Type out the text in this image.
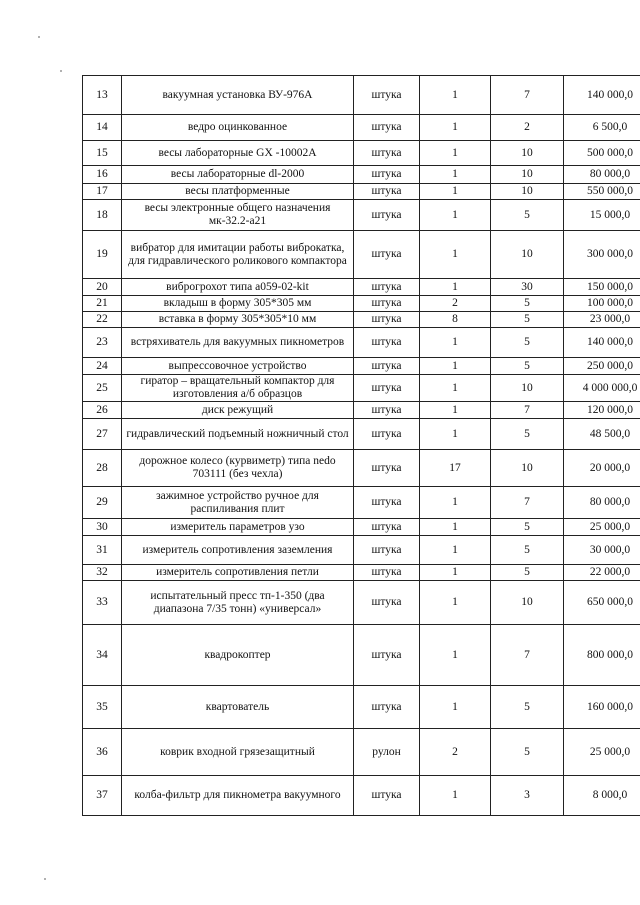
13	вакуумная установка ВУ-976А	штука	1	7	140 000,0
14	ведро оцинкованное	штука	1	2	6 500,0
15	весы лабораторные GX -10002A	штука	1	10	500 000,0
16	весы лабораторные dl-2000	штука	1	10	80 000,0
17	весы платформенные	штука	1	10	550 000,0
18	весы электронные общего назначения мк-32.2-а21	штука	1	5	15 000,0
19	вибратор для имитации работы виброкатка, для гидравлического роликового компактора	штука	1	10	300 000,0
20	виброгрохот типа а059-02-kit	штука	1	30	150 000,0
21	вкладыш в форму 305*305 мм	штука	2	5	100 000,0
22	вставка в форму 305*305*10 мм	штука	8	5	23 000,0
23	встряхиватель для вакуумных пикнометров	штука	1	5	140 000,0
24	выпрессовочное устройство	штука	1	5	250 000,0
25	гиратор – вращательный компактор для изготовления а/б образцов	штука	1	10	4 000 000,0
26	диск режущий	штука	1	7	120 000,0
27	гидравлический подъемный ножничный стол	штука	1	5	48 500,0
28	дорожное колесо (курвиметр) типа nedo 703111 (без чехла)	штука	17	10	20 000,0
29	зажимное устройство ручное для распиливания плит	штука	1	7	80 000,0
30	измеритель параметров узо	штука	1	5	25 000,0
31	измеритель сопротивления заземления	штука	1	5	30 000,0
32	измеритель сопротивления петли	штука	1	5	22 000,0
33	испытательный пресс тп-1-350 (два диапазона 7/35 тонн) «универсал»	штука	1	10	650 000,0
34	квадрокоптер	штука	1	7	800 000,0
35	квартователь	штука	1	5	160 000,0
36	коврик входной грязезащитный	рулон	2	5	25 000,0
37	колба-фильтр для пикнометра вакуумного	штука	1	3	8 000,0
